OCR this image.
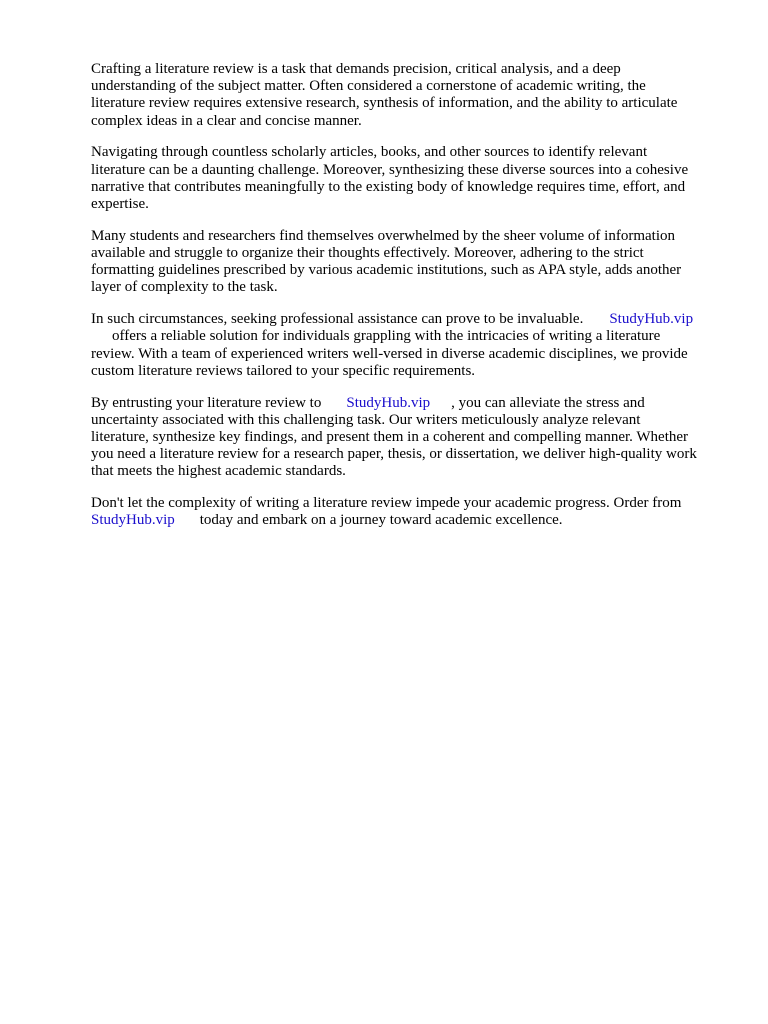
Crafting a literature review is a task that demands precision, critical analysis, and a deep
understanding of the subject matter. Often considered a cornerstone of academic writing, the
literature review requires extensive research, synthesis of information, and the ability to articulate
complex ideas in a clear and concise manner.

Navigating through countless scholarly articles, books, and other sources to identify relevant
literature can be a daunting challenge. Moreover, synthesizing these diverse sources into a cohesive
narrative that contributes meaningfully to the existing body of knowledge requires time, effort, and
expertise.

Many students and researchers find themselves overwhelmed by the sheer volume of information
available and struggle to organize their thoughts effectively. Moreover, adhering to the strict
formatting guidelines prescribed by various academic institutions, such as APA style, adds another
layer of complexity to the task.

In such circumstances, seeking professional assistance can prove to be invaluable. StudyHub.vip
offers a reliable solution for individuals grappling with the intricacies of writing a literature
review. With a team of experienced writers well-versed in diverse academic disciplines, we provide
custom literature reviews tailored to your specific requirements.

By entrusting your literature review to StudyHub.vip , you can alleviate the stress and
uncertainty associated with this challenging task. Our writers meticulously analyze relevant
literature, synthesize key findings, and present them in a coherent and compelling manner. Whether
you need a literature review for a research paper, thesis, or dissertation, we deliver high-quality work
that meets the highest academic standards.

Don't let the complexity of writing a literature review impede your academic progress. Order from
StudyHub.vip today and embark on a journey toward academic excellence.
